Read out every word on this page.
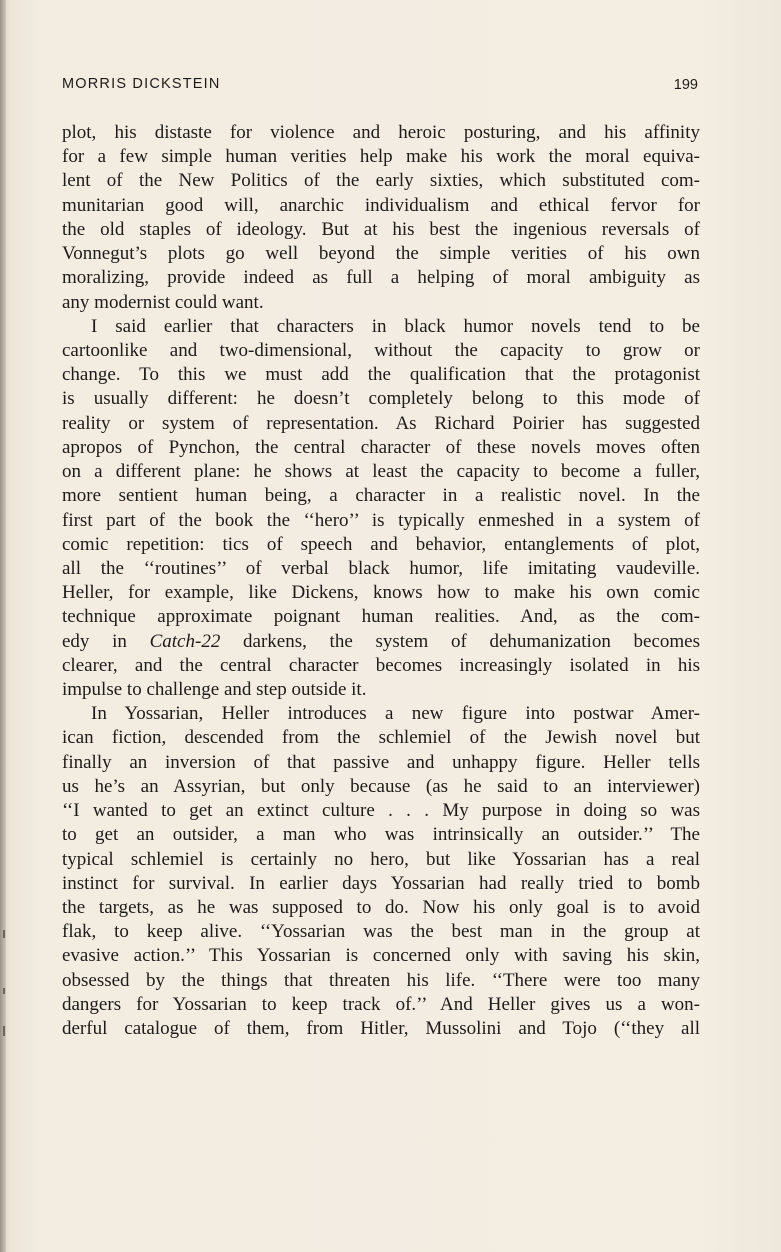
MORRIS DICKSTEIN	199
plot, his distaste for violence and heroic posturing, and his affinity
for a few simple human verities help make his work the moral equiva-
lent of the New Politics of the early sixties, which substituted com-
munitarian good will, anarchic individualism and ethical fervor for
the old staples of ideology. But at his best the ingenious reversals of
Vonnegut’s plots go well beyond the simple verities of his own
moralizing, provide indeed as full a helping of moral ambiguity as
any modernist could want.
I said earlier that characters in black humor novels tend to be
cartoonlike and two-dimensional, without the capacity to grow or
change. To this we must add the qualification that the protagonist
is usually different: he doesn’t completely belong to this mode of
reality or system of representation. As Richard Poirier has suggested
apropos of Pynchon, the central character of these novels moves often
on a different plane: he shows at least the capacity to become a fuller,
more sentient human being, a character in a realistic novel. In the
first part of the book the ‘‘hero’’ is typically enmeshed in a system of
comic repetition: tics of speech and behavior, entanglements of plot,
all the ‘‘routines’’ of verbal black humor, life imitating vaudeville.
Heller, for example, like Dickens, knows how to make his own comic
technique approximate poignant human realities. And, as the com-
edy in Catch-22 darkens, the system of dehumanization becomes
clearer, and the central character becomes increasingly isolated in his
impulse to challenge and step outside it.
In Yossarian, Heller introduces a new figure into postwar Amer-
ican fiction, descended from the schlemiel of the Jewish novel but
finally an inversion of that passive and unhappy figure. Heller tells
us he’s an Assyrian, but only because (as he said to an interviewer)
‘‘I wanted to get an extinct culture . . . My purpose in doing so was
to get an outsider, a man who was intrinsically an outsider.’’ The
typical schlemiel is certainly no hero, but like Yossarian has a real
instinct for survival. In earlier days Yossarian had really tried to bomb
the targets, as he was supposed to do. Now his only goal is to avoid
flak, to keep alive. ‘‘Yossarian was the best man in the group at
evasive action.’’ This Yossarian is concerned only with saving his skin,
obsessed by the things that threaten his life. ‘‘There were too many
dangers for Yossarian to keep track of.’’ And Heller gives us a won-
derful catalogue of them, from Hitler, Mussolini and Tojo (‘‘they all
